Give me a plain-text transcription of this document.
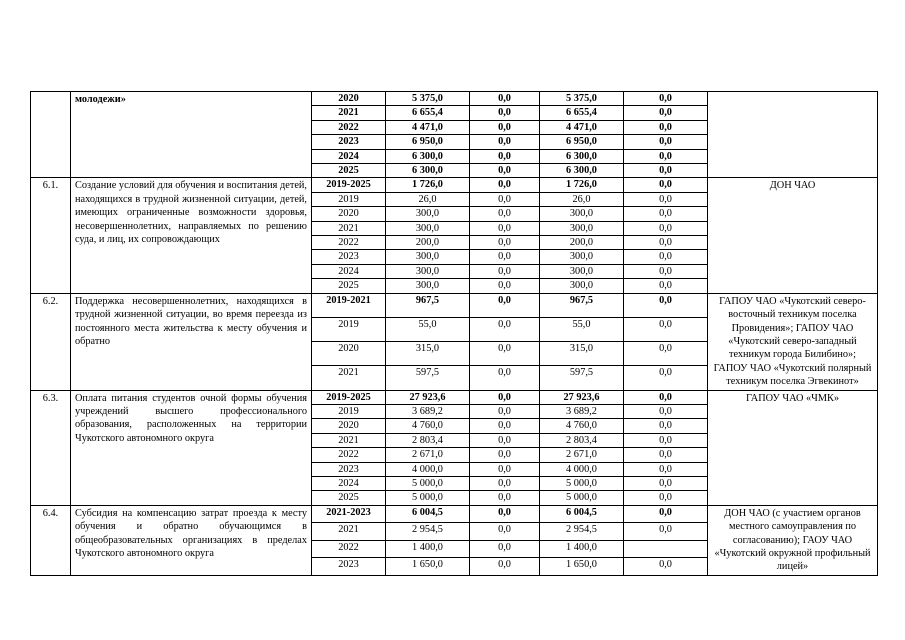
	молодежи»	2020	5 375,0	0,0	5 375,0	0,0	
		2021	6 655,4	0,0	6 655,4	0,0	
		2022	4 471,0	0,0	4 471,0	0,0	
		2023	6 950,0	0,0	6 950,0	0,0	
		2024	6 300,0	0,0	6 300,0	0,0	
		2025	6 300,0	0,0	6 300,0	0,0	
6.1.	Создание условий для обучения и воспитания детей, находящихся в трудной жизненной ситуации, детей, имеющих ограниченные возможности здоровья, несовершеннолетних, направляемых по решению суда, и лиц, их сопровождающих	2019-2025	1 726,0	0,0	1 726,0	0,0	ДОН ЧАО
		2019	26,0	0,0	26,0	0,0	
		2020	300,0	0,0	300,0	0,0	
		2021	300,0	0,0	300,0	0,0	
		2022	200,0	0,0	200,0	0,0	
		2023	300,0	0,0	300,0	0,0	
		2024	300,0	0,0	300,0	0,0	
		2025	300,0	0,0	300,0	0,0	
6.2.	Поддержка несовершеннолетних, находящихся в трудной жизненной ситуации, во время переезда из постоянного места жительства к месту обучения и обратно	2019-2021	967,5	0,0	967,5	0,0	ГАПОУ ЧАО «Чукотский северо-восточный техникум поселка Провидения»; ГАПОУ ЧАО «Чукотский северо-западный техникум города Билибино»; ГАПОУ ЧАО «Чукотский полярный техникум поселка Эгвекинот»
		2019	55,0	0,0	55,0	0,0	
		2020	315,0	0,0	315,0	0,0	
		2021	597,5	0,0	597,5	0,0	
6.3.	Оплата питания студентов очной формы обучения учреждений высшего профессионального образования, расположенных на территории Чукотского автономного округа	2019-2025	27 923,6	0,0	27 923,6	0,0	ГАПОУ ЧАО «ЧМК»
		2019	3 689,2	0,0	3 689,2	0,0	
		2020	4 760,0	0,0	4 760,0	0,0	
		2021	2 803,4	0,0	2 803,4	0,0	
		2022	2 671,0	0,0	2 671,0	0,0	
		2023	4 000,0	0,0	4 000,0	0,0	
		2024	5 000,0	0,0	5 000,0	0,0	
		2025	5 000,0	0,0	5 000,0	0,0	
6.4.	Субсидия на компенсацию затрат проезда к месту обучения и обратно обучающимся в общеобразовательных организациях в пределах Чукотского автономного округа	2021-2023	6 004,5	0,0	6 004,5	0,0	ДОН ЧАО (с участием органов местного самоуправления по согласованию); ГАОУ ЧАО «Чукотский окружной профильный лицей»
		2021	2 954,5	0,0	2 954,5	0,0	
		2022	1 400,0	0,0	1 400,0		
		2023	1 650,0	0,0	1 650,0	0,0	
